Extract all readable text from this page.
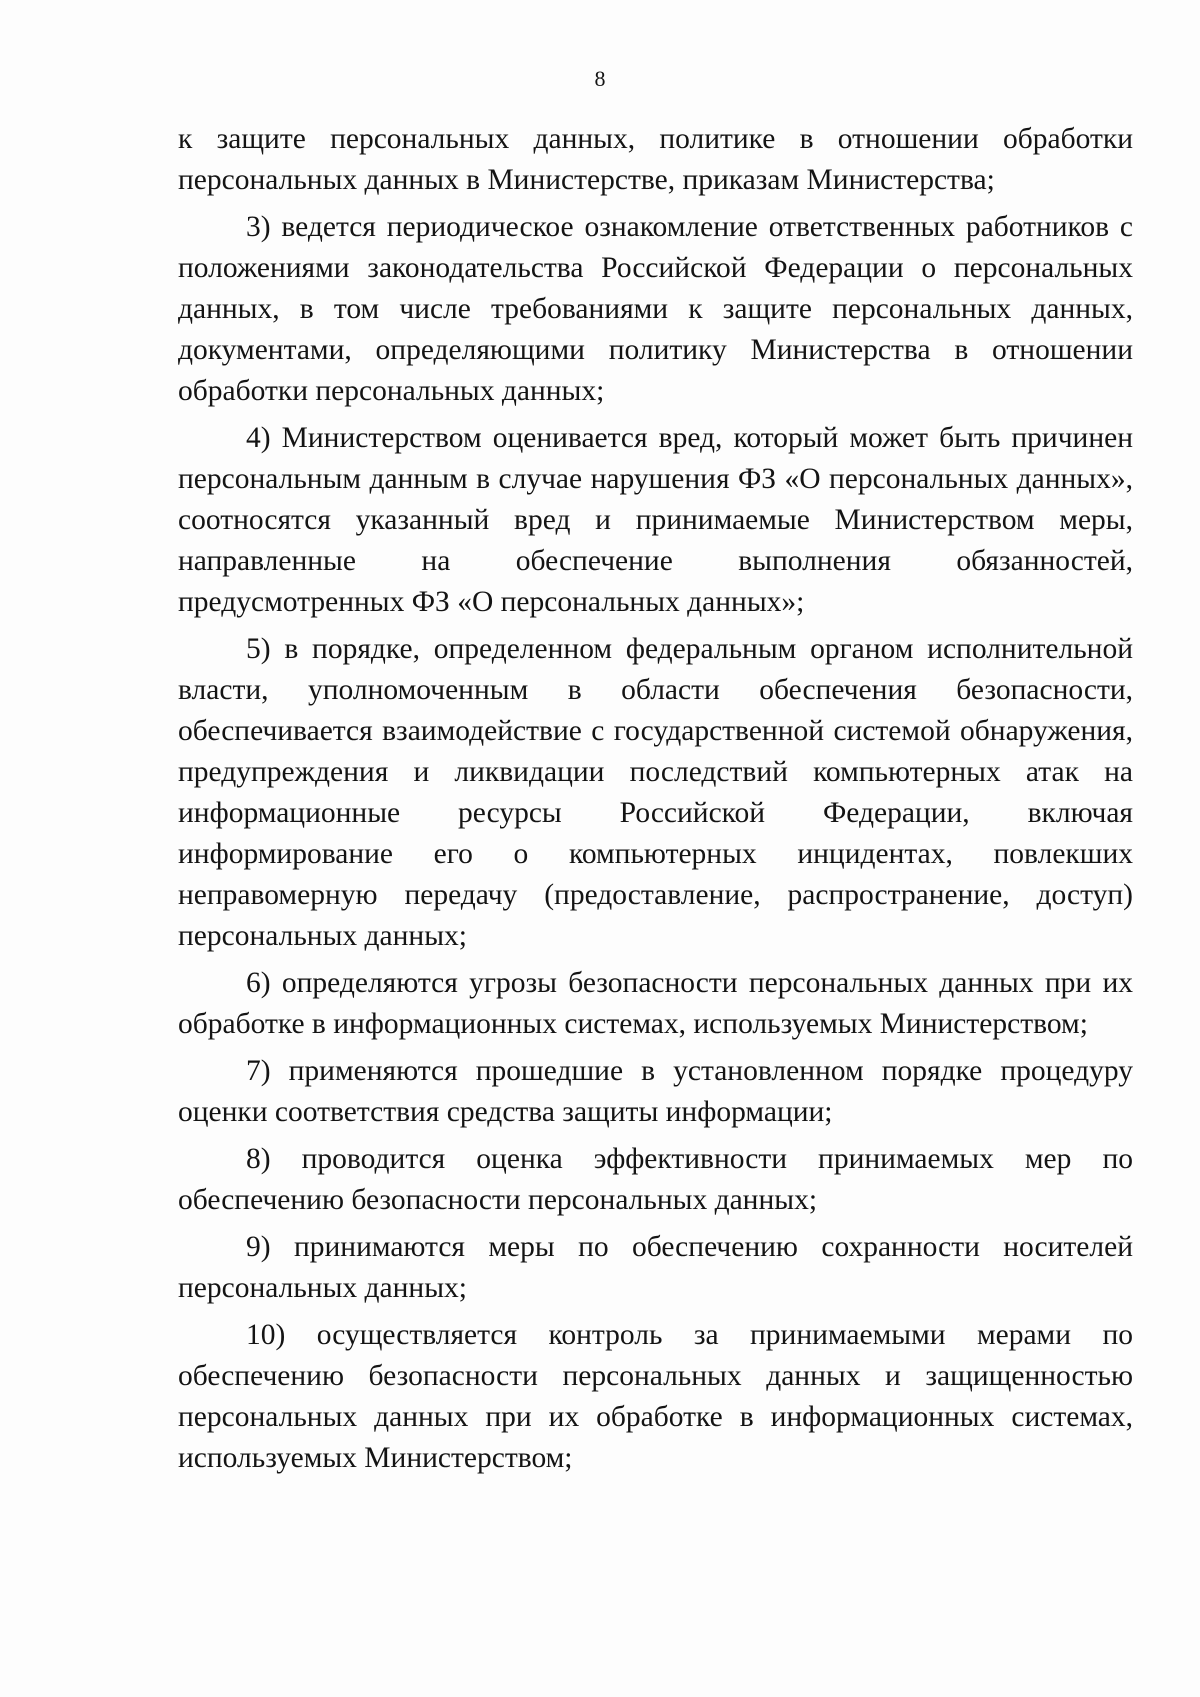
8

к защите персональных данных, политике в отношении обработки персональных данных в Министерстве, приказам Министерства;

3) ведется периодическое ознакомление ответственных работников с положениями законодательства Российской Федерации о персональных данных, в том числе требованиями к защите персональных данных, документами, определяющими политику Министерства в отношении обработки персональных данных;

4) Министерством оценивается вред, который может быть причинен персональным данным в случае нарушения ФЗ «О персональных данных», соотносятся указанный вред и принимаемые Министерством меры, направленные на обеспечение выполнения обязанностей, предусмотренных ФЗ «О персональных данных»;

5) в порядке, определенном федеральным органом исполнительной власти, уполномоченным в области обеспечения безопасности, обеспечивается взаимодействие с государственной системой обнаружения, предупреждения и ликвидации последствий компьютерных атак на информационные ресурсы Российской Федерации, включая информирование его о компьютерных инцидентах, повлекших неправомерную передачу (предоставление, распространение, доступ) персональных данных;

6) определяются угрозы безопасности персональных данных при их обработке в информационных системах, используемых Министерством;

7) применяются прошедшие в установленном порядке процедуру оценки соответствия средства защиты информации;

8) проводится оценка эффективности принимаемых мер по обеспечению безопасности персональных данных;

9) принимаются меры по обеспечению сохранности носителей персональных данных;

10) осуществляется контроль за принимаемыми мерами по обеспечению безопасности персональных данных и защищенностью персональных данных при их обработке в информационных системах, используемых Министерством;
